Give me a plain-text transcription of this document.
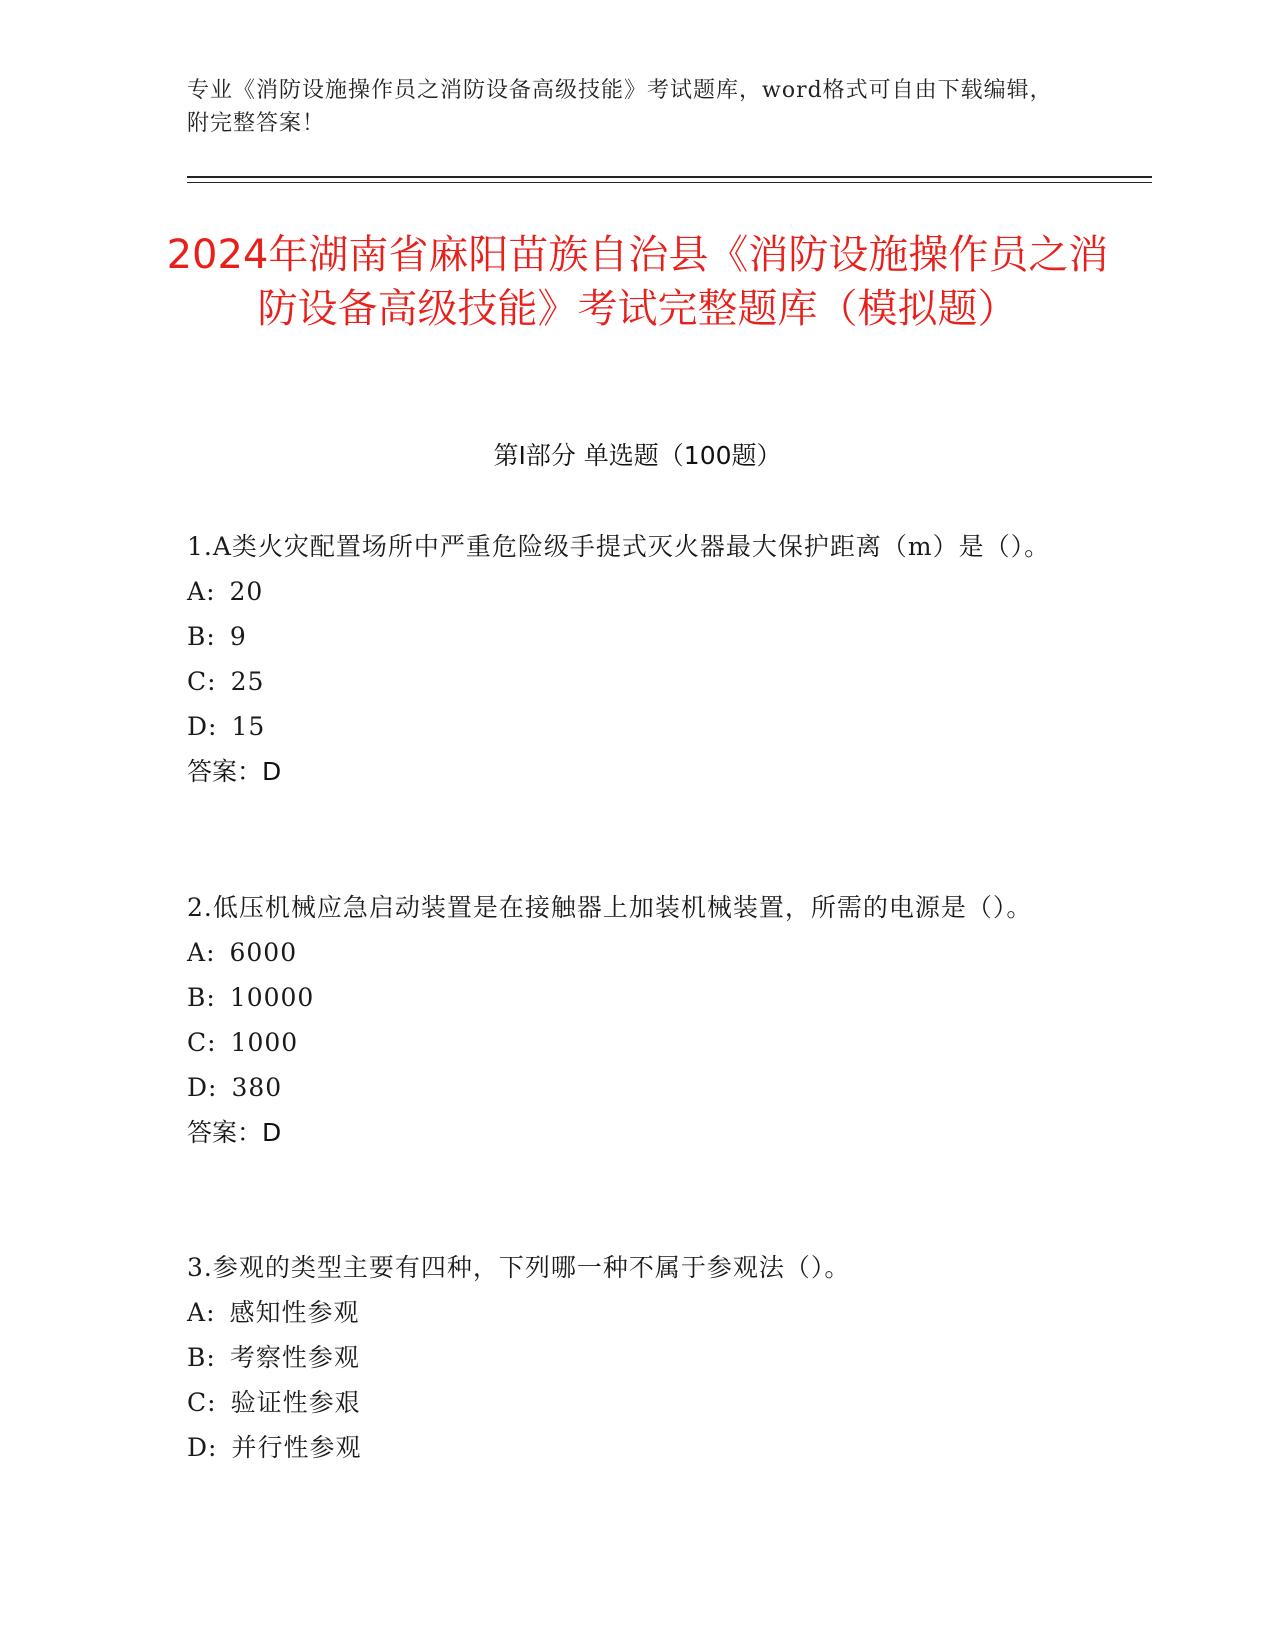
专业《消防设施操作员之消防设备高级技能》考试题库，word格式可自由下载编辑，附完整答案！
2024年湖南省麻阳苗族自治县《消防设施操作员之消防设备高级技能》考试完整题库（模拟题）
第Ⅰ部分 单选题（100题）
1.A类火灾配置场所中严重危险级手提式灭火器最大保护距离（m）是（）。
A: 20
B: 9
C: 25
D: 15
答案：D
2.低压机械应急启动装置是在接触器上加装机械装置，所需的电源是（）。
A: 6000
B: 10000
C: 1000
D: 380
答案：D
3.参观的类型主要有四种，下列哪一种不属于参观法（）。
A: 感知性参观
B: 考察性参观
C: 验证性参艰
D: 并行性参观
